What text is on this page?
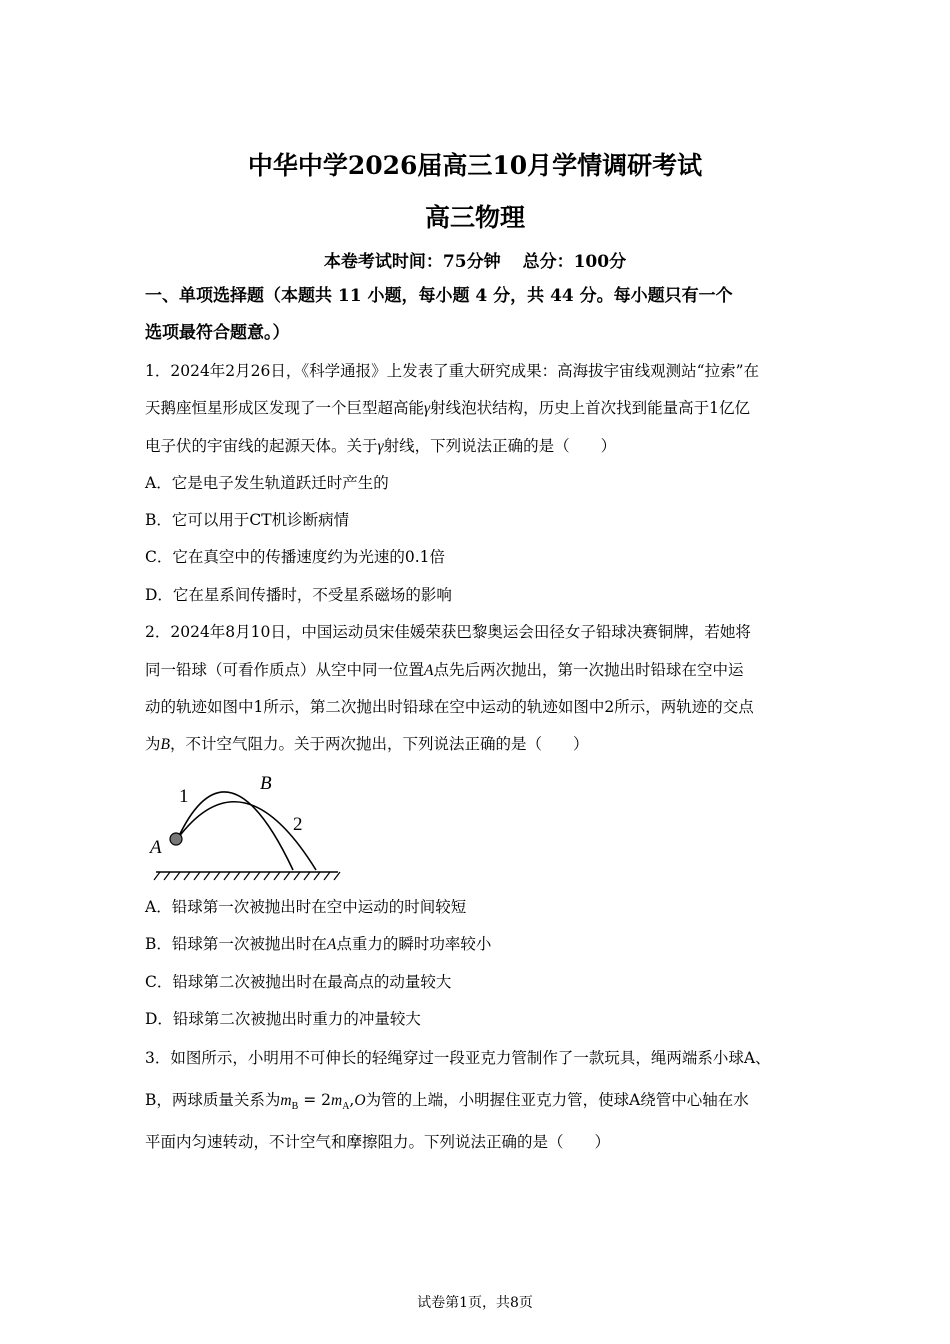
中华中学2026届高三10月学情调研考试
高三物理
本卷考试时间：75分钟 总分：100分
一、单项选择题（本题共 11 小题，每小题 4 分，共 44 分。每小题只有一个
选项最符合题意。）
1．2024年2月26日，《科学通报》上发表了重大研究成果：高海拔宇宙线观测站“拉索”在
天鹅座恒星形成区发现了一个巨型超高能γ射线泡状结构，历史上首次找到能量高于1亿亿
电子伏的宇宙线的起源天体。关于γ射线，下列说法正确的是（　　）
A．它是电子发生轨道跃迁时产生的
B．它可以用于CT机诊断病情
C．它在真空中的传播速度约为光速的0.1倍
D．它在星系间传播时，不受星系磁场的影响
2．2024年8月10日，中国运动员宋佳媛荣获巴黎奥运会田径女子铅球决赛铜牌，若她将
同一铅球（可看作质点）从空中同一位置A点先后两次抛出，第一次抛出时铅球在空中运
动的轨迹如图中1所示，第二次抛出时铅球在空中运动的轨迹如图中2所示，两轨迹的交点
为B，不计空气阻力。关于两次抛出，下列说法正确的是（　　）
1
2
A
B
A．铅球第一次被抛出时在空中运动的时间较短
B．铅球第一次被抛出时在A点重力的瞬时功率较小
C．铅球第二次被抛出时在最高点的动量较大
D．铅球第二次被抛出时重力的冲量较大
3．如图所示，小明用不可伸长的轻绳穿过一段亚克力管制作了一款玩具，绳两端系小球A、
B，两球质量关系为$m_B = 2m_A,O$为管的上端，小明握住亚克力管，使球A绕管中心轴在水
平面内匀速转动，不计空气和摩擦阻力。下列说法正确的是（　　）
试卷第1页，共8页
